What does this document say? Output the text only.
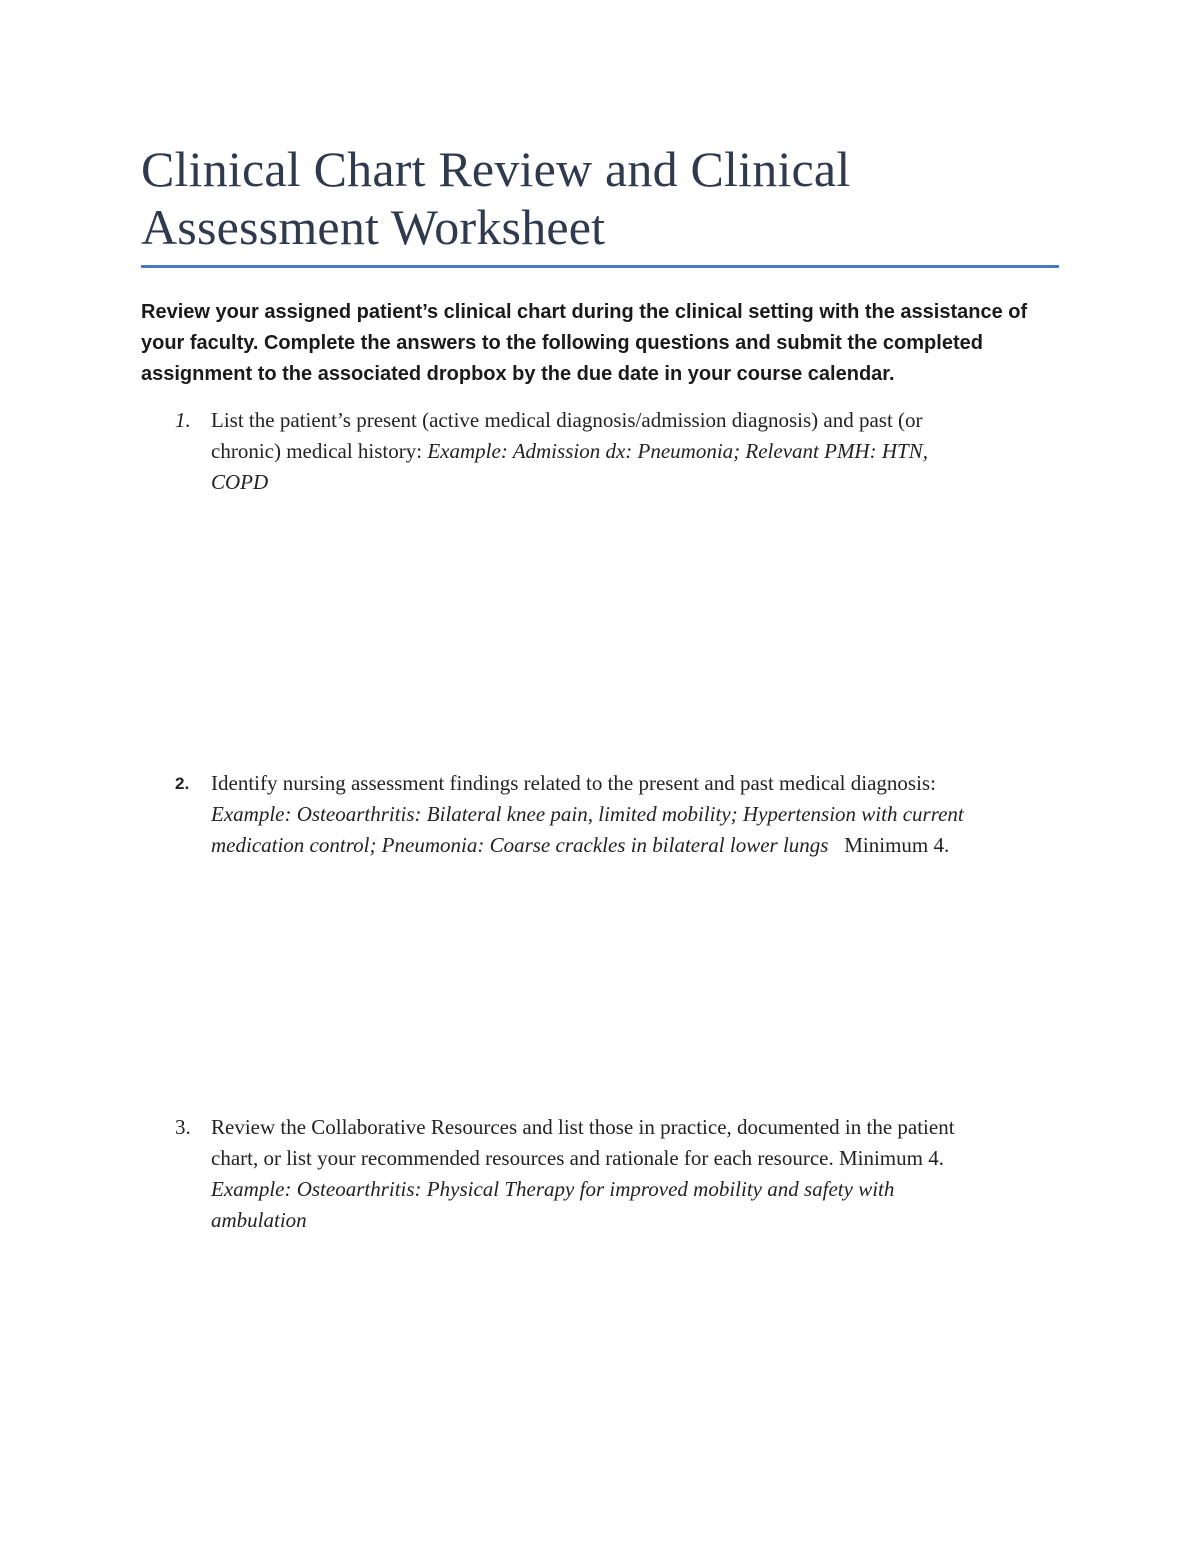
Clinical Chart Review and Clinical
Assessment Worksheet
Review your assigned patient’s clinical chart during the clinical setting with the assistance of
your faculty. Complete the answers to the following questions and submit the completed
assignment to the associated dropbox by the due date in your course calendar.
1. List the patient’s present (active medical diagnosis/admission diagnosis) and past (or
chronic) medical history: Example: Admission dx: Pneumonia; Relevant PMH: HTN,
COPD
2.	Identify nursing assessment findings related to the present and past medical diagnosis:
Example: Osteoarthritis: Bilateral knee pain, limited mobility; Hypertension with current
medication control; Pneumonia: Coarse crackles in bilateral lower lungs   Minimum 4.
3. Review the Collaborative Resources and list those in practice, documented in the patient
chart, or list your recommended resources and rationale for each resource. Minimum 4.
Example: Osteoarthritis: Physical Therapy for improved mobility and safety with
ambulation
